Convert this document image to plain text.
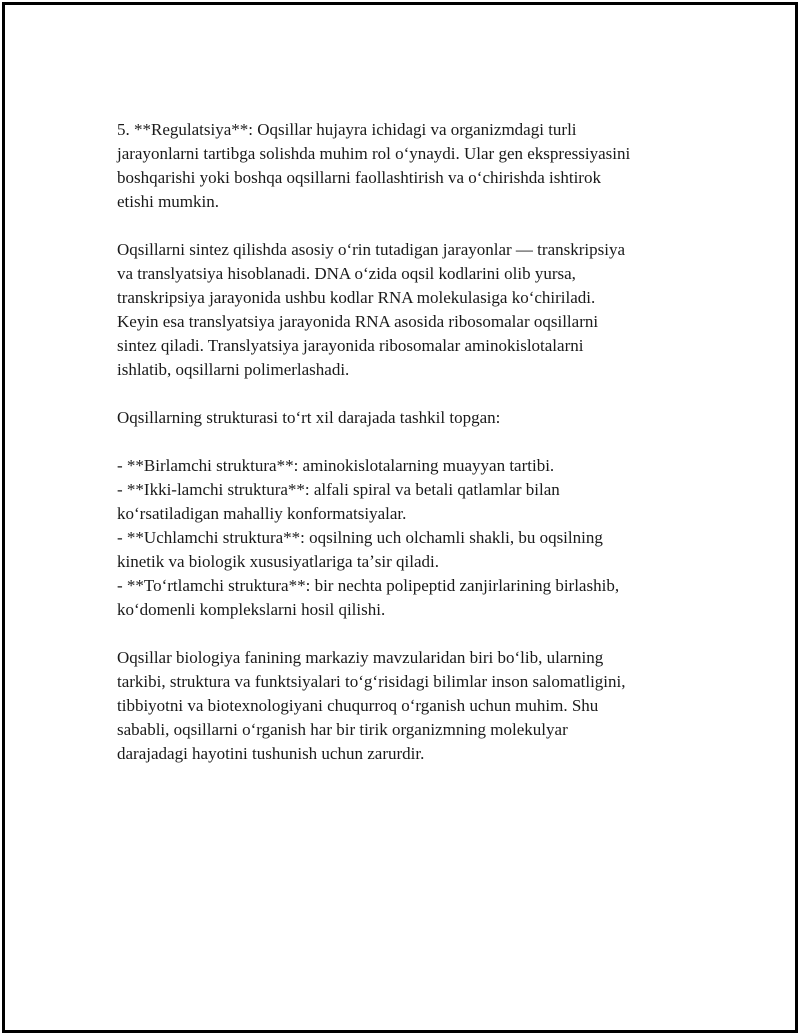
5. **Regulatsiya**: Oqsillar hujayra ichidagi va organizmdagi turli
jarayonlarni tartibga solishda muhim rol oʻynaydi. Ular gen ekspressiyasini
boshqarishi yoki boshqa oqsillarni faollashtirish va oʻchirishda ishtirok
etishi mumkin.

Oqsillarni sintez qilishda asosiy oʻrin tutadigan jarayonlar — transkripsiya
va translyatsiya hisoblanadi. DNA oʻzida oqsil kodlarini olib yursa,
transkripsiya jarayonida ushbu kodlar RNA molekulasiga koʻchiriladi.
Keyin esa translyatsiya jarayonida RNA asosida ribosomalar oqsillarni
sintez qiladi. Translyatsiya jarayonida ribosomalar aminokislotalarni
ishlatib, oqsillarni polimerlashadi.

Oqsillarning strukturasi toʻrt xil darajada tashkil topgan:

- **Birlamchi struktura**: aminokislotalarning muayyan tartibi.
- **Ikki-lamchi struktura**: alfali spiral va betali qatlamlar bilan
koʻrsatiladigan mahalliy konformatsiyalar.
- **Uchlamchi struktura**: oqsilning uch olchamli shakli, bu oqsilning
kinetik va biologik xususiyatlariga taʼsir qiladi.
- **Toʻrtlamchi struktura**: bir nechta polipeptid zanjirlarining birlashib,
koʻdomenli komplekslarni hosil qilishi.

Oqsillar biologiya fanining markaziy mavzularidan biri boʻlib, ularning
tarkibi, struktura va funktsiyalari toʻgʻrisidagi bilimlar inson salomatligini,
tibbiyotni va biotexnologiyani chuqurroq oʻrganish uchun muhim. Shu
sababli, oqsillarni oʻrganish har bir tirik organizmning molekulyar
darajadagi hayotini tushunish uchun zarurdir.
